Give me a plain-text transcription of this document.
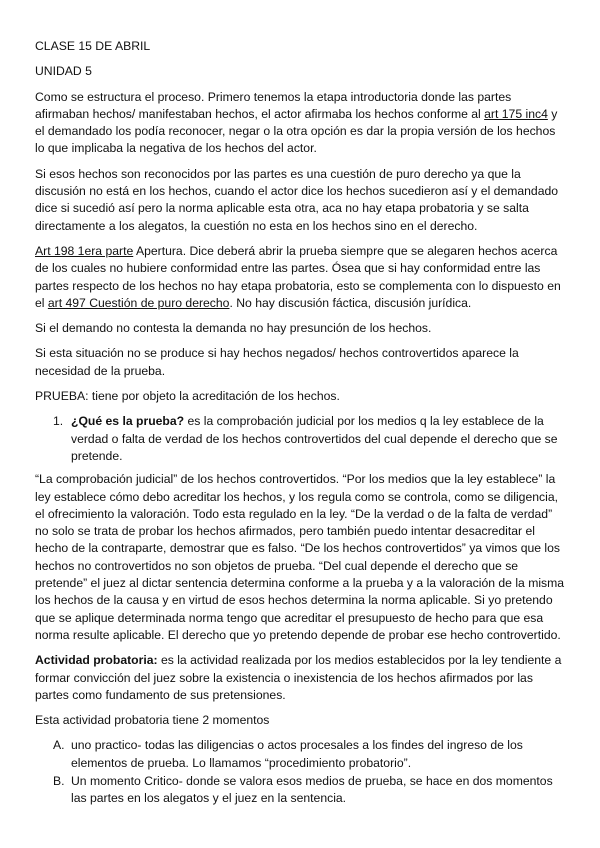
CLASE 15 DE ABRIL

UNIDAD 5

Como se estructura el proceso. Primero tenemos la etapa introductoria donde las partes afirmaban hechos/ manifestaban hechos, el actor afirmaba los hechos conforme al art 175 inc4 y el demandado los podía reconocer, negar o la otra opción es dar la propia versión de los hechos lo que implicaba la negativa de los hechos del actor.

Si esos hechos son reconocidos por las partes es una cuestión de puro derecho ya que la discusión no está en los hechos, cuando el actor dice los hechos sucedieron así y el demandado dice si sucedió así pero la norma aplicable esta otra, aca no hay etapa probatoria y se salta directamente a los alegatos, la cuestión no esta en los hechos sino en el derecho.

Art 198 1era parte Apertura. Dice deberá abrir la prueba siempre que se alegaren hechos acerca de los cuales no hubiere conformidad entre las partes. Ósea que si hay conformidad entre las partes respecto de los hechos no hay etapa probatoria, esto se complementa con lo dispuesto en el art 497 Cuestión de puro derecho. No hay discusión fáctica, discusión jurídica.

Si el demando no contesta la demanda no hay presunción de los hechos.

Si esta situación no se produce si hay hechos negados/ hechos controvertidos aparece la necesidad de la prueba.

PRUEBA: tiene por objeto la acreditación de los hechos.

1. ¿Qué es la prueba? es la comprobación judicial por los medios q la ley establece de la verdad o falta de verdad de los hechos controvertidos del cual depende el derecho que se pretende.

“La comprobación judicial” de los hechos controvertidos. “Por los medios que la ley establece” la ley establece cómo debo acreditar los hechos, y los regula como se controla, como se diligencia, el ofrecimiento la valoración. Todo esta regulado en la ley. “De la verdad o de la falta de verdad” no solo se trata de probar los hechos afirmados, pero también puedo intentar desacreditar el hecho de la contraparte, demostrar que es falso. “De los hechos controvertidos” ya vimos que los hechos no controvertidos no son objetos de prueba. “Del cual depende el derecho que se pretende” el juez al dictar sentencia determina conforme a la prueba y a la valoración de la misma los hechos de la causa y en virtud de esos hechos determina la norma aplicable. Si yo pretendo que se aplique determinada norma tengo que acreditar el presupuesto de hecho para que esa norma resulte aplicable. El derecho que yo pretendo depende de probar ese hecho controvertido.

Actividad probatoria: es la actividad realizada por los medios establecidos por la ley tendiente a formar convicción del juez sobre la existencia o inexistencia de los hechos afirmados por las partes como fundamento de sus pretensiones.

Esta actividad probatoria tiene 2 momentos

A. uno practico- todas las diligencias o actos procesales a los findes del ingreso de los elementos de prueba. Lo llamamos “procedimiento probatorio”.
B. Un momento Critico- donde se valora esos medios de prueba, se hace en dos momentos las partes en los alegatos y el juez en la sentencia.
